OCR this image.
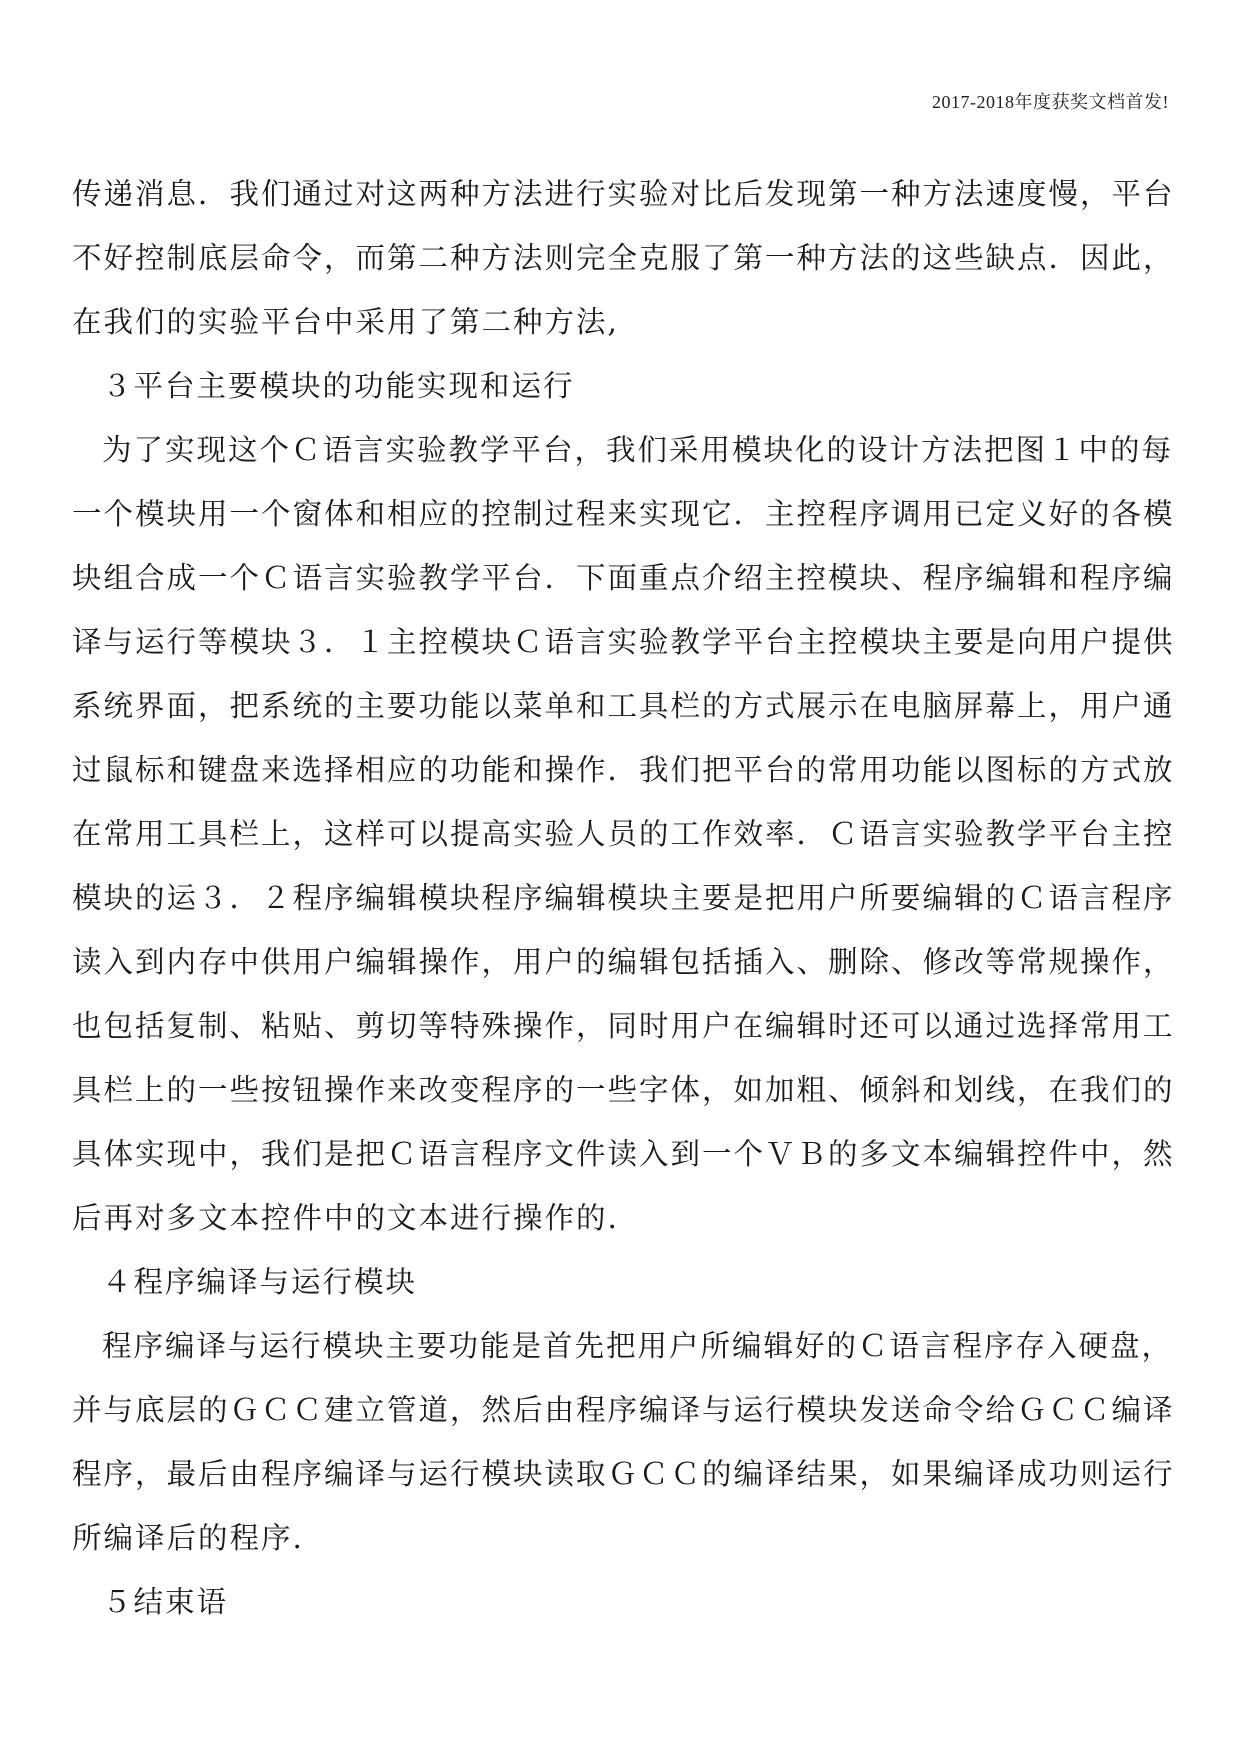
2017-2018年度获奖文档首发!
传递消息．我们通过对这两种方法进行实验对比后发现第一种方法速度慢，平台
不好控制底层命令，而第二种方法则完全克服了第一种方法的这些缺点．因此，
在我们的实验平台中采用了第二种方法,
３平台主要模块的功能实现和运行
为了实现这个Ｃ语言实验教学平台，我们采用模块化的设计方法把图１中的每
一个模块用一个窗体和相应的控制过程来实现它．主控程序调用已定义好的各模
块组合成一个Ｃ语言实验教学平台．下面重点介绍主控模块、程序编辑和程序编
译与运行等模块３．１主控模块Ｃ语言实验教学平台主控模块主要是向用户提供
系统界面，把系统的主要功能以菜单和工具栏的方式展示在电脑屏幕上，用户通
过鼠标和键盘来选择相应的功能和操作．我们把平台的常用功能以图标的方式放
在常用工具栏上，这样可以提高实验人员的工作效率．Ｃ语言实验教学平台主控
模块的运３．２程序编辑模块程序编辑模块主要是把用户所要编辑的Ｃ语言程序
读入到内存中供用户编辑操作，用户的编辑包括插入、删除、修改等常规操作，
也包括复制、粘贴、剪切等特殊操作，同时用户在编辑时还可以通过选择常用工
具栏上的一些按钮操作来改变程序的一些字体，如加粗、倾斜和划线，在我们的
具体实现中，我们是把Ｃ语言程序文件读入到一个ＶＢ的多文本编辑控件中，然
后再对多文本控件中的文本进行操作的.
４程序编译与运行模块
程序编译与运行模块主要功能是首先把用户所编辑好的Ｃ语言程序存入硬盘，
并与底层的ＧＣＣ建立管道，然后由程序编译与运行模块发送命令给ＧＣＣ编译
程序，最后由程序编译与运行模块读取ＧＣＣ的编译结果，如果编译成功则运行
所编译后的程序.
５结束语
